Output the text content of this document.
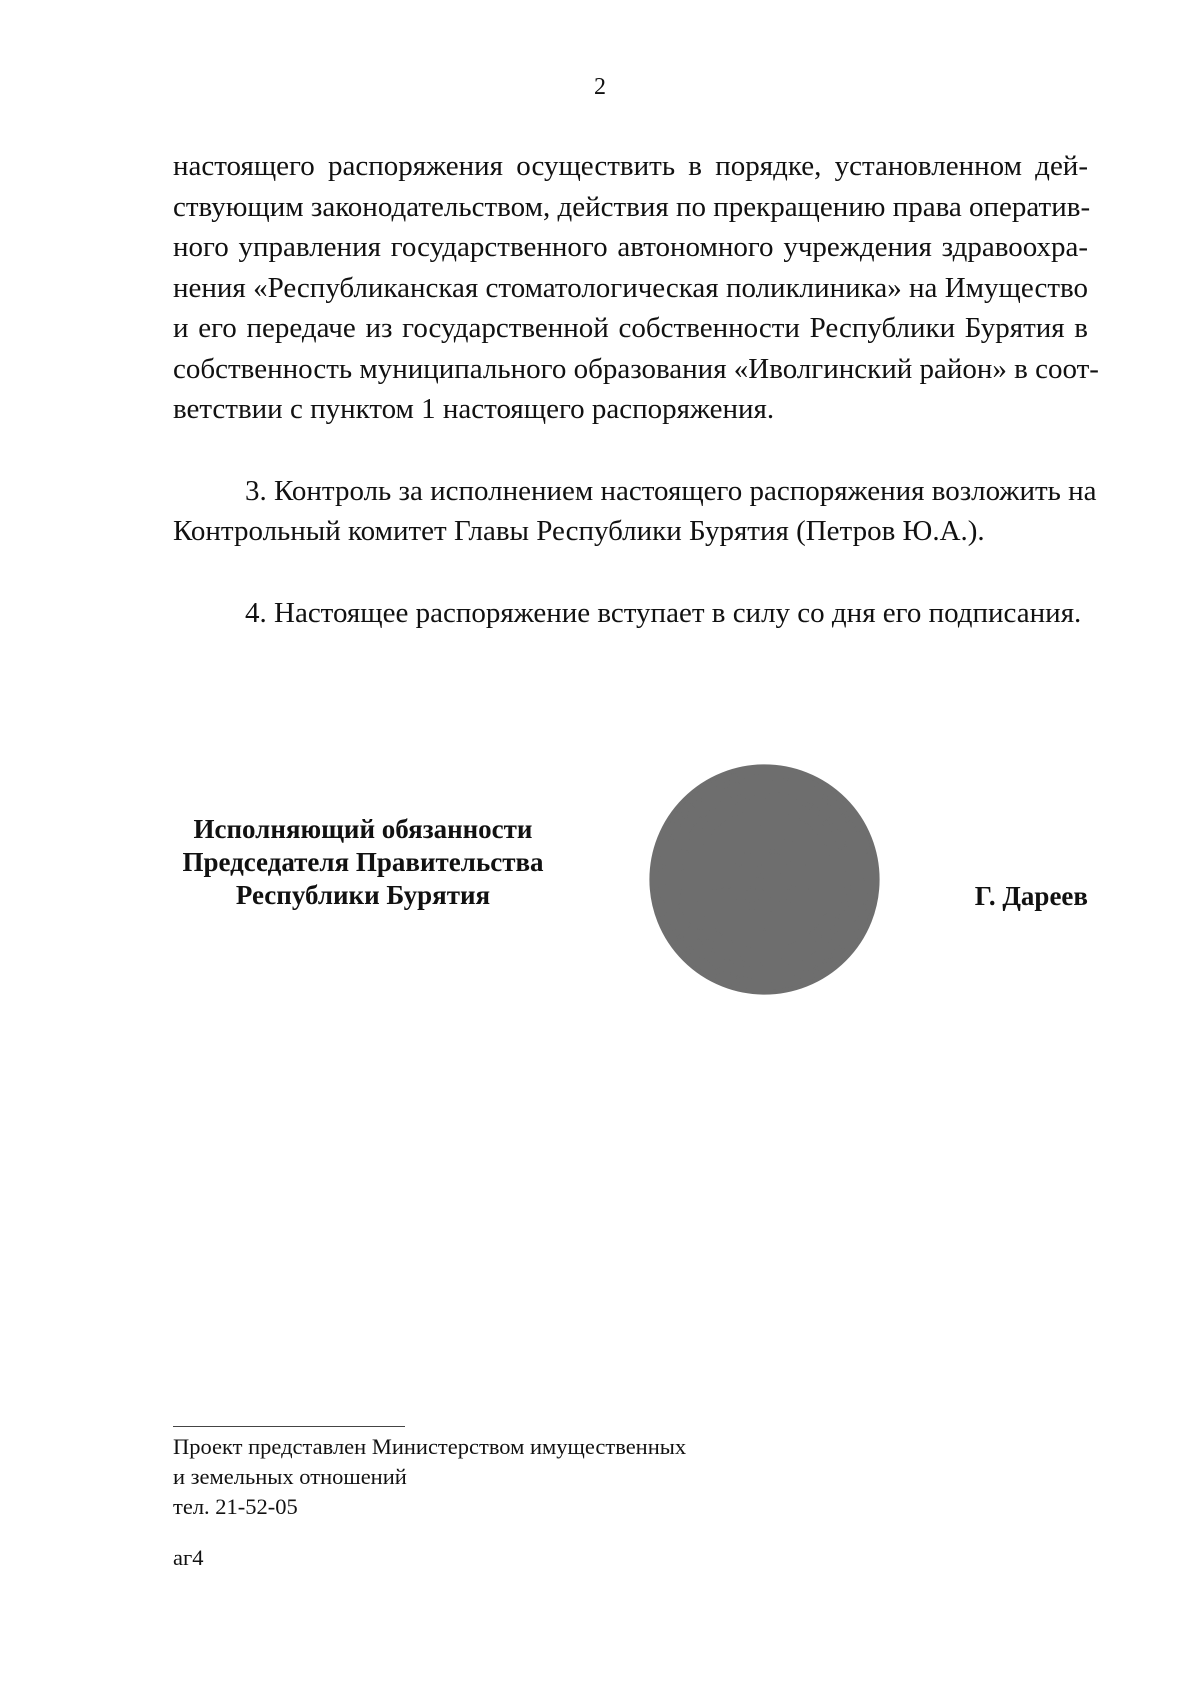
2
настоящего распоряжения осуществить в порядке, установленном дей-
ствующим законодательством, действия по прекращению права оператив-
ного управления государственного автономного учреждения здравоохра-
нения «Республиканская стоматологическая поликлиника» на Имущество
и его передаче из государственной собственности Республики Бурятия в
собственность муниципального образования «Иволгинский район» в соот-
ветствии с пунктом 1 настоящего распоряжения.
3. Контроль за исполнением настоящего распоряжения возложить на
Контрольный комитет Главы Республики Бурятия (Петров Ю.А.).
4. Настоящее распоряжение вступает в силу со дня его подписания.
Исполняющий обязанности
Председателя Правительства
Республики Бурятия
ПРАВИТЕЛЬСТВА РЕСПУБЛИКИ БУРЯТИЯ ★ БУРЯАД РЕСПУБЛИКЫН ЗАСАГАЙ ГАЗАР ★ АДМИНИСТРАЦИЯ ГЛАВЫ РЕСПУБЛИКИ БУРЯТИЯ И
БУРЯАД УЛАСАЙ ТОЛГОЙЛОГШЫН БА ЗАСАГАЙ ГАЗАР ★
ОТДЕЛ
ПО ОРГАНИЗАЦИИ
ВЫПУСКА
ПРАВОВЫХ АКТОВ
ХУУЛИТА
ШИИДХЭБЭРИНУУДЫЕ
ГАРГАХА ТАЬАЛАР
ТАЬАГ
★
Г. Дареев
Проект представлен Министерством имущественных
и земельных отношений
тел. 21-52-05
аг4
